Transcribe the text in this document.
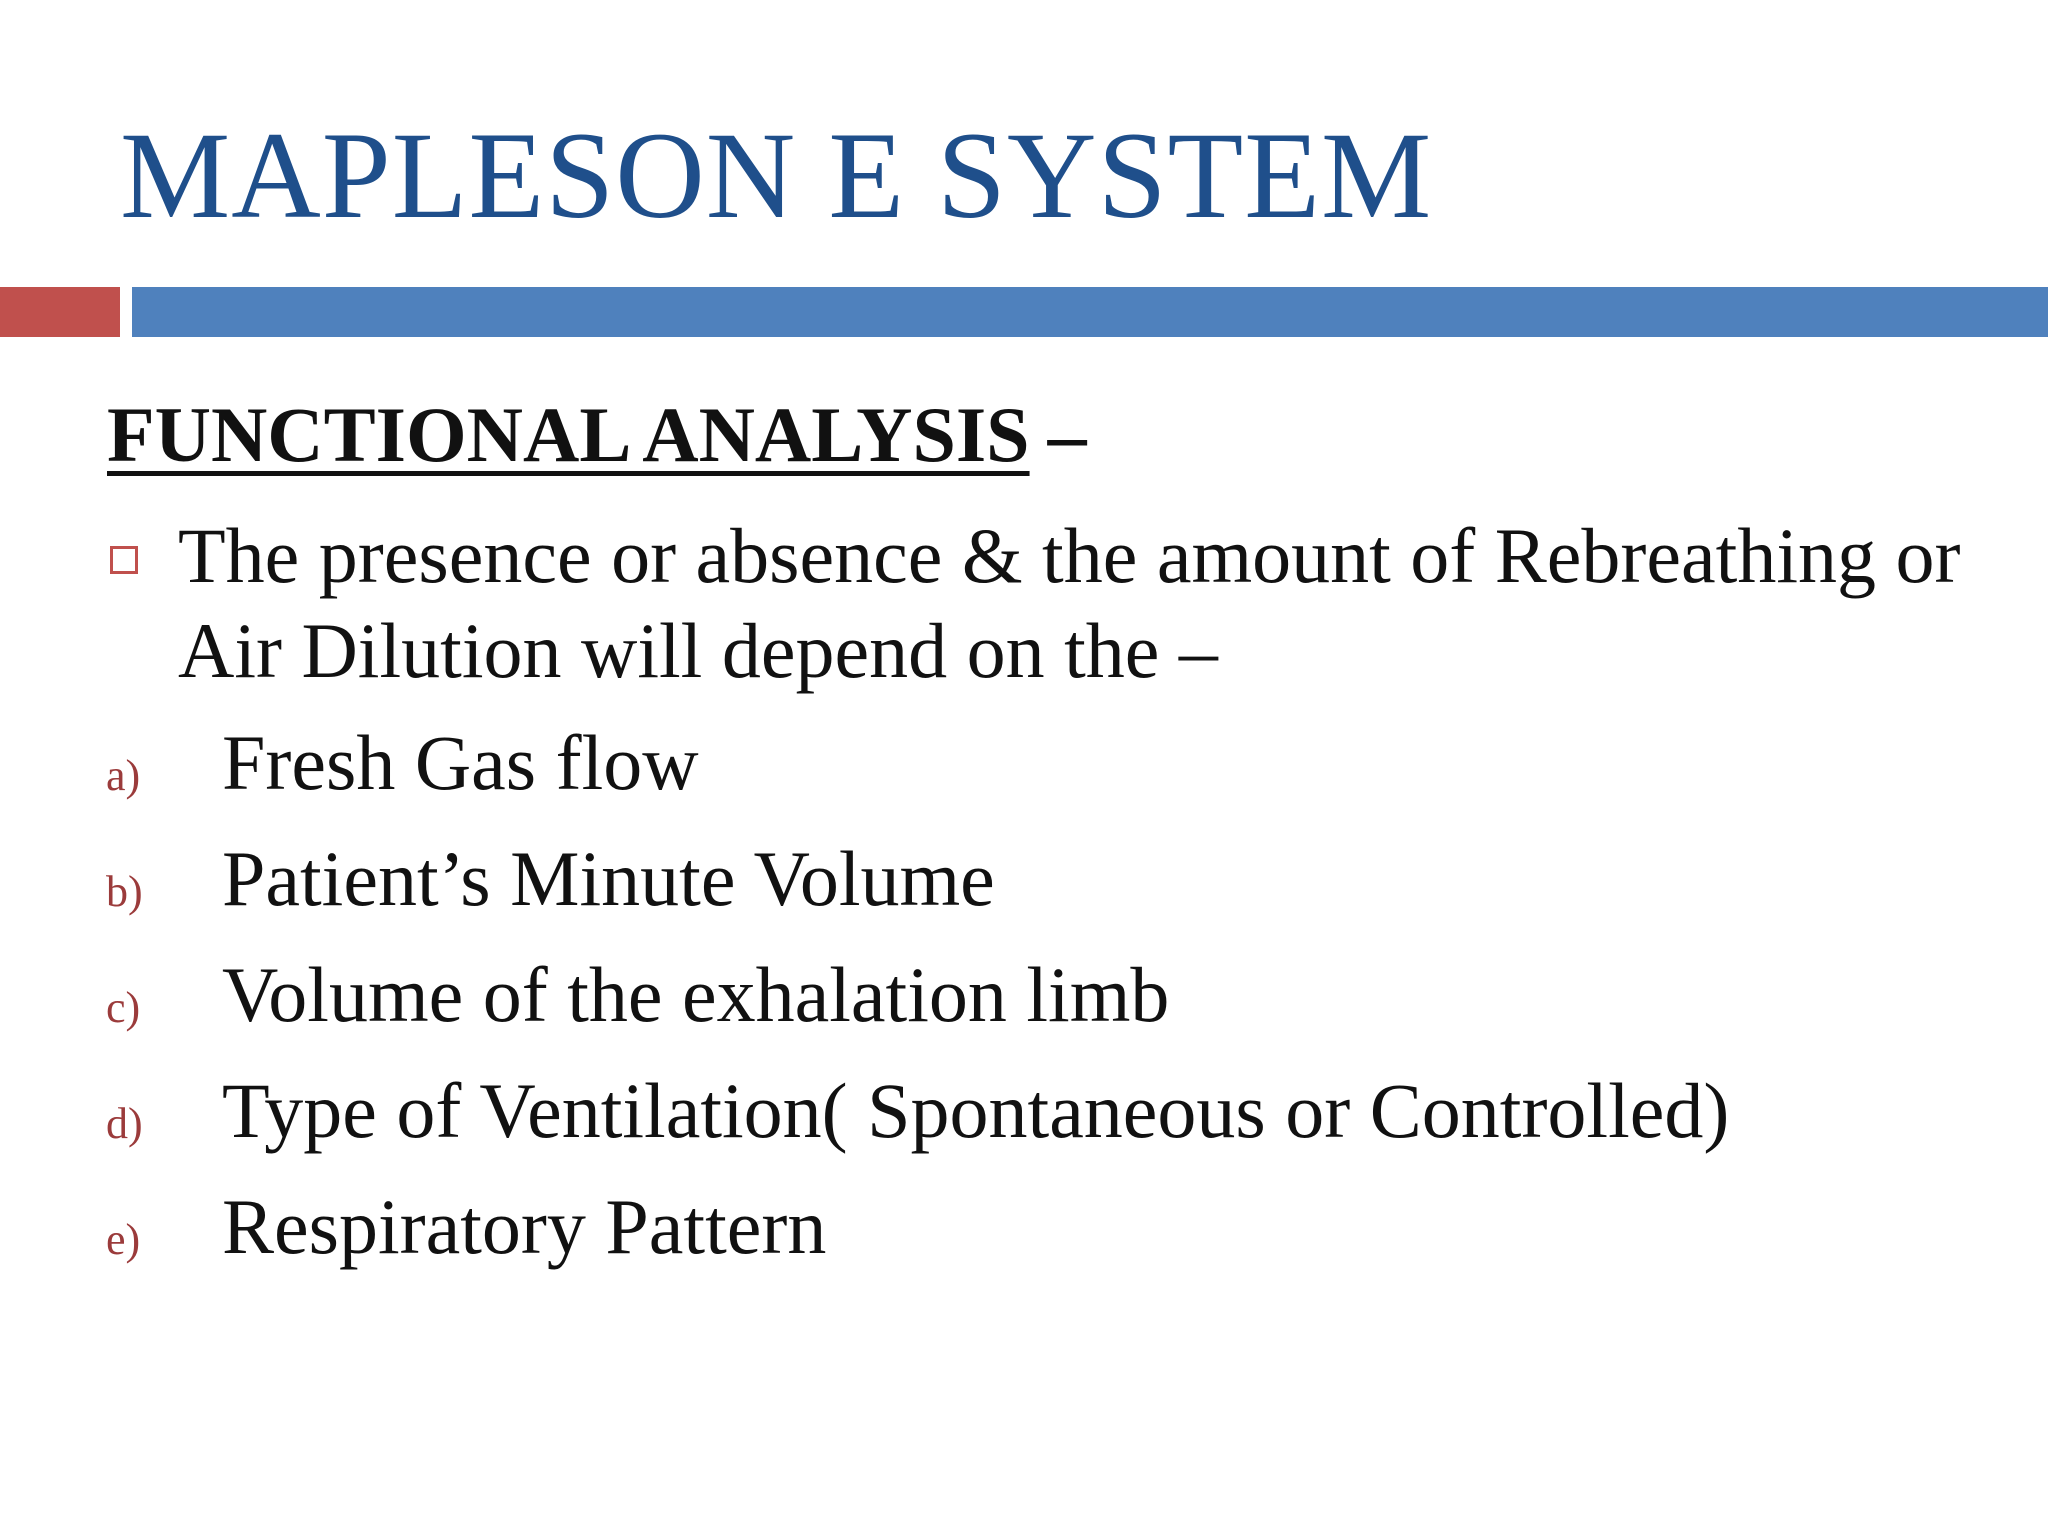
MAPLESON E SYSTEM
FUNCTIONAL ANALYSIS –
The presence or absence & the amount of Rebreathing or Air Dilution will depend on the –
a) Fresh Gas flow
b) Patient’s Minute Volume
c) Volume of the exhalation limb
d) Type of Ventilation( Spontaneous or Controlled)
e) Respiratory Pattern
